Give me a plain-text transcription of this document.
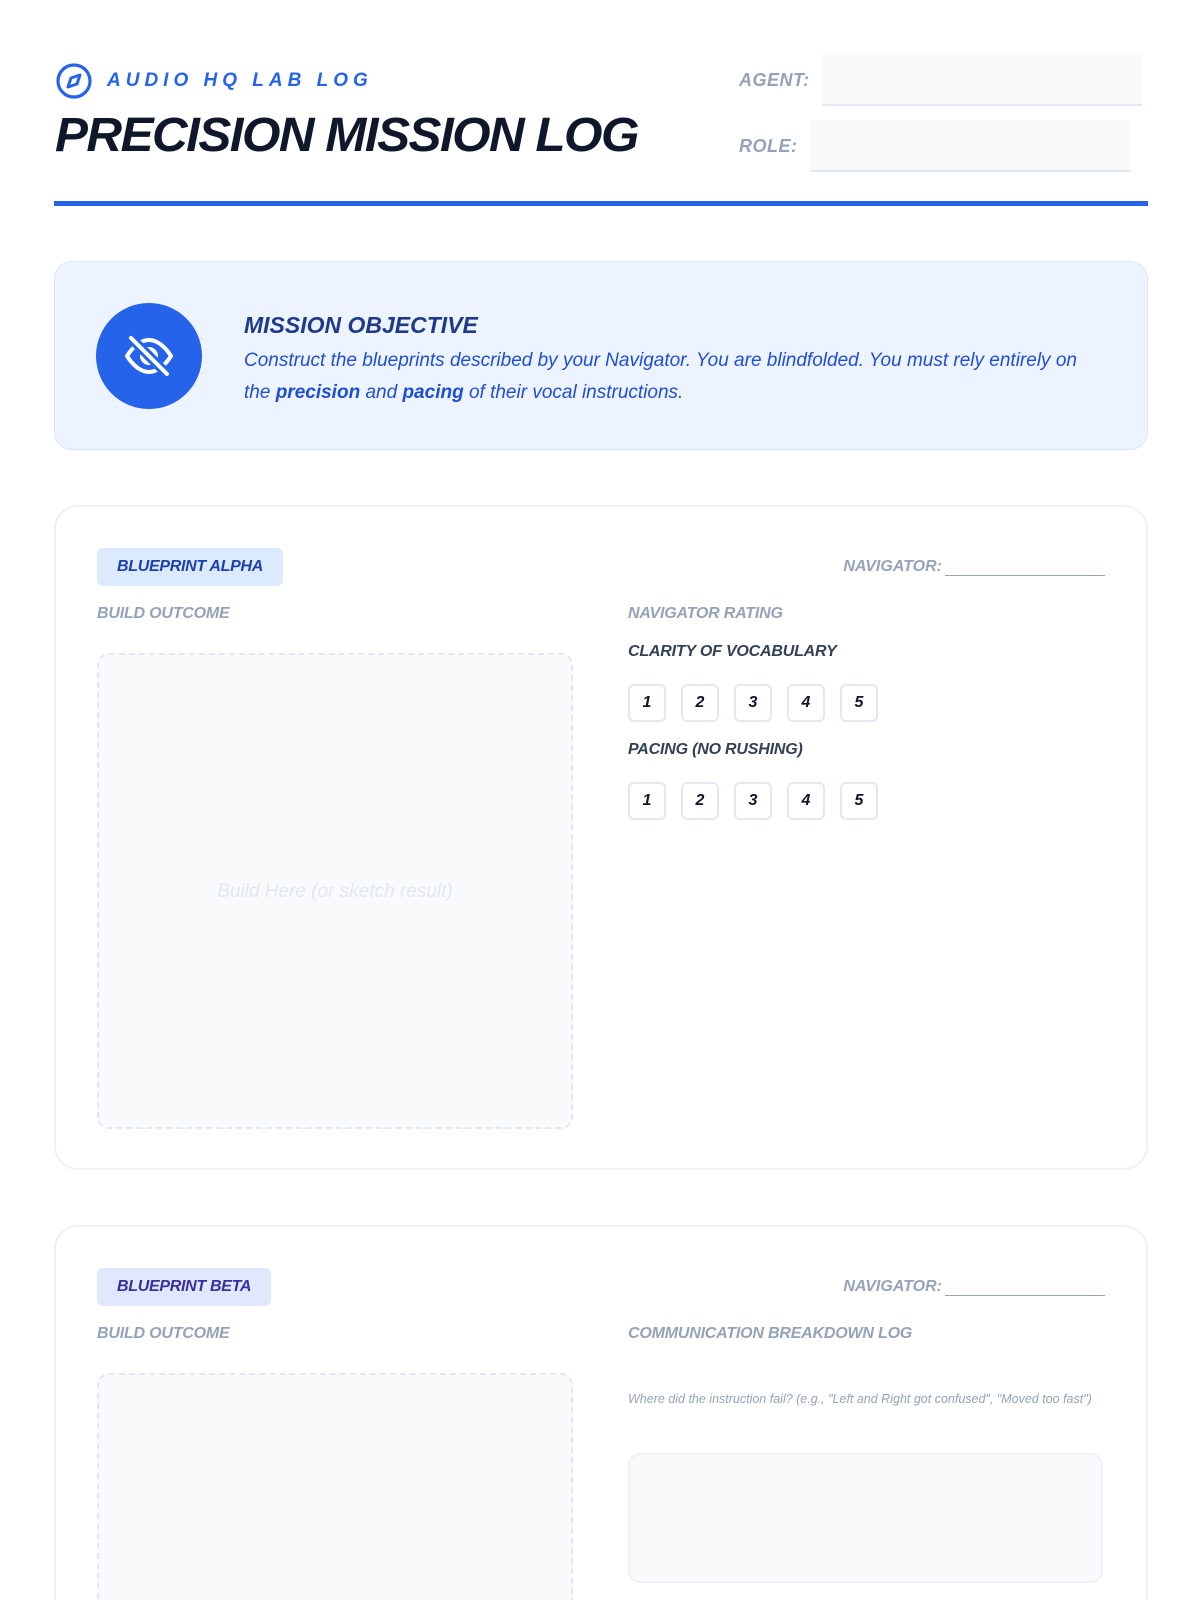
AUDIO HQ LAB LOG
PRECISION MISSION LOG
AGENT:
ROLE:
MISSION OBJECTIVE

Construct the blueprints described by your Navigator. You are blindfolded. You must rely entirely on the precision and pacing of their vocal instructions.

BLUEPRINT ALPHA	NAVIGATOR:
BUILD OUTCOME
Build Here (or sketch result)
NAVIGATOR RATING
CLARITY OF VOCABULARY
1	2	3	4	5
PACING (NO RUSHING)
1	2	3	4	5
BLUEPRINT BETA	NAVIGATOR:
BUILD OUTCOME	COMMUNICATION BREAKDOWN LOG
Where did the instruction fail? (e.g., "Left and Right got confused", "Moved too fast")
